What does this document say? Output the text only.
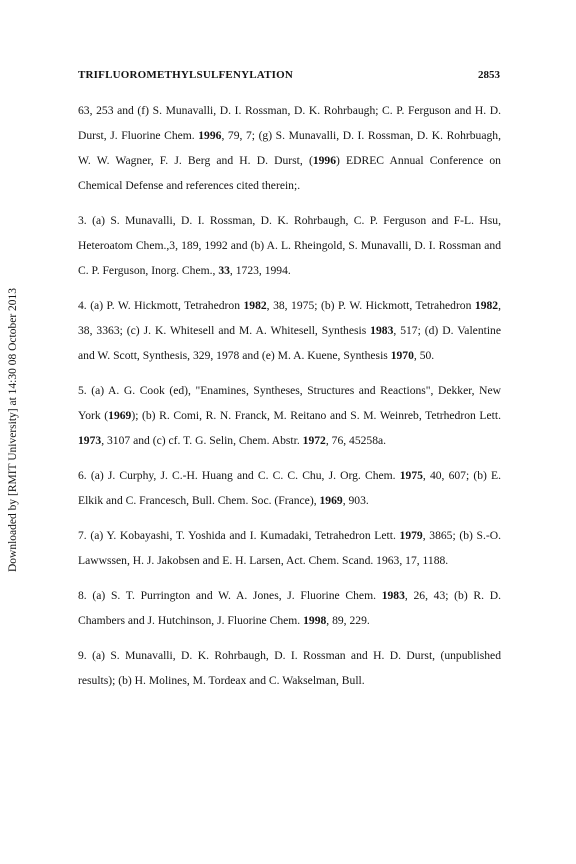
TRIFLUOROMETHYLSULFENYLATION	2853
Downloaded by [RMIT University] at 14:30 08 October 2013

63, 253 and (f) S. Munavalli, D. I. Rossman, D. K. Rohrbaugh; C. P. Ferguson and H. D. Durst, J. Fluorine Chem. 1996, 79, 7; (g) S. Munavalli, D. I. Rossman, D. K. Rohrbuagh, W. W. Wagner, F. J. Berg and H. D. Durst, (1996) EDREC Annual Conference on Chemical Defense and references cited therein;.

3. (a) S. Munavalli, D. I. Rossman, D. K. Rohrbaugh, C. P. Ferguson and F-L. Hsu, Heteroatom Chem.,3, 189, 1992 and (b) A. L. Rheingold, S. Munavalli, D. I. Rossman and C. P. Ferguson, Inorg. Chem., 33, 1723, 1994.

4. (a) P. W. Hickmott, Tetrahedron 1982, 38, 1975; (b) P. W. Hickmott, Tetrahedron 1982, 38, 3363; (c) J. K. Whitesell and M. A. Whitesell, Synthesis 1983, 517; (d) D. Valentine and W. Scott, Synthesis, 329, 1978 and (e) M. A. Kuene, Synthesis 1970, 50.

5. (a) A. G. Cook (ed), "Enamines, Syntheses, Structures and Reactions", Dekker, New York (1969); (b) R. Comi, R. N. Franck, M. Reitano and S. M. Weinreb, Tetrhedron Lett. 1973, 3107 and (c) cf. T. G. Selin, Chem. Abstr. 1972, 76, 45258a.

6. (a) J. Curphy, J. C.-H. Huang and C. C. C. Chu, J. Org. Chem. 1975, 40, 607; (b) E. Elkik and C. Francesch, Bull. Chem. Soc. (France), 1969, 903.

7. (a) Y. Kobayashi, T. Yoshida and I. Kumadaki, Tetrahedron Lett. 1979, 3865; (b) S.-O. Lawwssen, H. J. Jakobsen and E. H. Larsen, Act. Chem. Scand. 1963, 17, 1188.

8. (a) S. T. Purrington and W. A. Jones, J. Fluorine Chem. 1983, 26, 43; (b) R. D. Chambers and J. Hutchinson, J. Fluorine Chem. 1998, 89, 229.

9. (a) S. Munavalli, D. K. Rohrbaugh, D. I. Rossman and H. D. Durst, (unpublished results); (b) H. Molines, M. Tordeax and C. Wakselman, Bull.
